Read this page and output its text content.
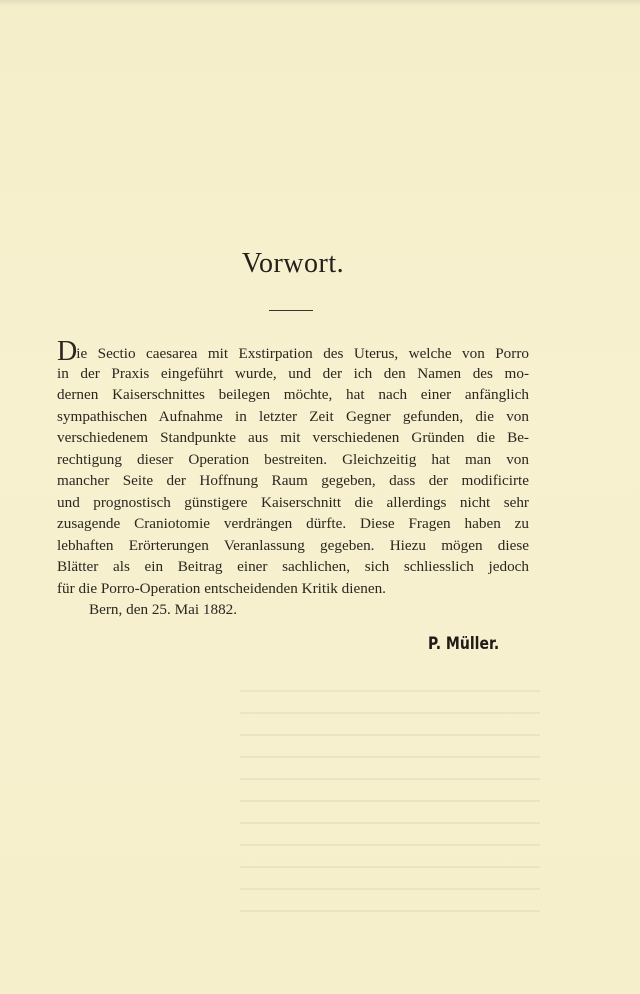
Vorwort.
Die Sectio caesarea mit Exstirpation des Uterus, welche von Porro
in der Praxis eingeführt wurde, und der ich den Namen des mo-
dernen Kaiserschnittes beilegen möchte, hat nach einer anfänglich
sympathischen Aufnahme in letzter Zeit Gegner gefunden, die von
verschiedenem Standpunkte aus mit verschiedenen Gründen die Be-
rechtigung dieser Operation bestreiten. Gleichzeitig hat man von
mancher Seite der Hoffnung Raum gegeben, dass der modificirte
und prognostisch günstigere Kaiserschnitt die allerdings nicht sehr
zusagende Craniotomie verdrängen dürfte. Diese Fragen haben zu
lebhaften Erörterungen Veranlassung gegeben. Hiezu mögen diese
Blätter als ein Beitrag einer sachlichen, sich schliesslich jedoch
für die Porro-Operation entscheidenden Kritik dienen.
Bern, den 25. Mai 1882.
P. Müller.
